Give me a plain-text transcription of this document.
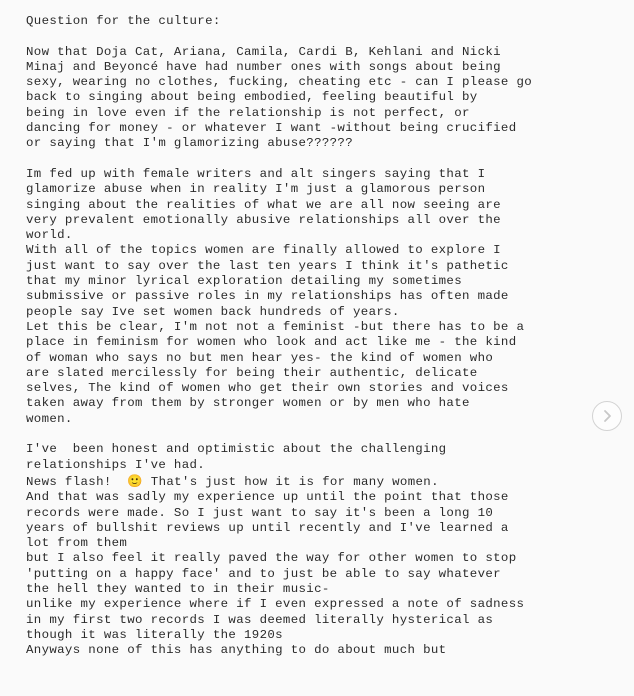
Question for the culture:
Now that Doja Cat, Ariana, Camila, Cardi B, Kehlani and Nicki
Minaj and Beyoncé have had number ones with songs about being
sexy, wearing no clothes, fucking, cheating etc - can I please go
back to singing about being embodied, feeling beautiful by
being in love even if the relationship is not perfect, or
dancing for money - or whatever I want -without being crucified
or saying that I'm glamorizing abuse??????
Im fed up with female writers and alt singers saying that I
glamorize abuse when in reality I'm just a glamorous person
singing about the realities of what we are all now seeing are
very prevalent emotionally abusive relationships all over the
world.
With all of the topics women are finally allowed to explore I
just want to say over the last ten years I think it's pathetic
that my minor lyrical exploration detailing my sometimes
submissive or passive roles in my relationships has often made
people say Ive set women back hundreds of years.
Let this be clear, I'm not not a feminist -but there has to be a
place in feminism for women who look and act like me - the kind
of woman who says no but men hear yes- the kind of women who
are slated mercilessly for being their authentic, delicate
selves, The kind of women who get their own stories and voices
taken away from them by stronger women or by men who hate
women.
I've  been honest and optimistic about the challenging
relationships I've had.
News flash!  🙂 That's just how it is for many women.
And that was sadly my experience up until the point that those
records were made. So I just want to say it's been a long 10
years of bullshit reviews up until recently and I've learned a
lot from them
but I also feel it really paved the way for other women to stop
'putting on a happy face' and to just be able to say whatever
the hell they wanted to in their music-
unlike my experience where if I even expressed a note of sadness
in my first two records I was deemed literally hysterical as
though it was literally the 1920s
Anyways none of this has anything to do about much but
